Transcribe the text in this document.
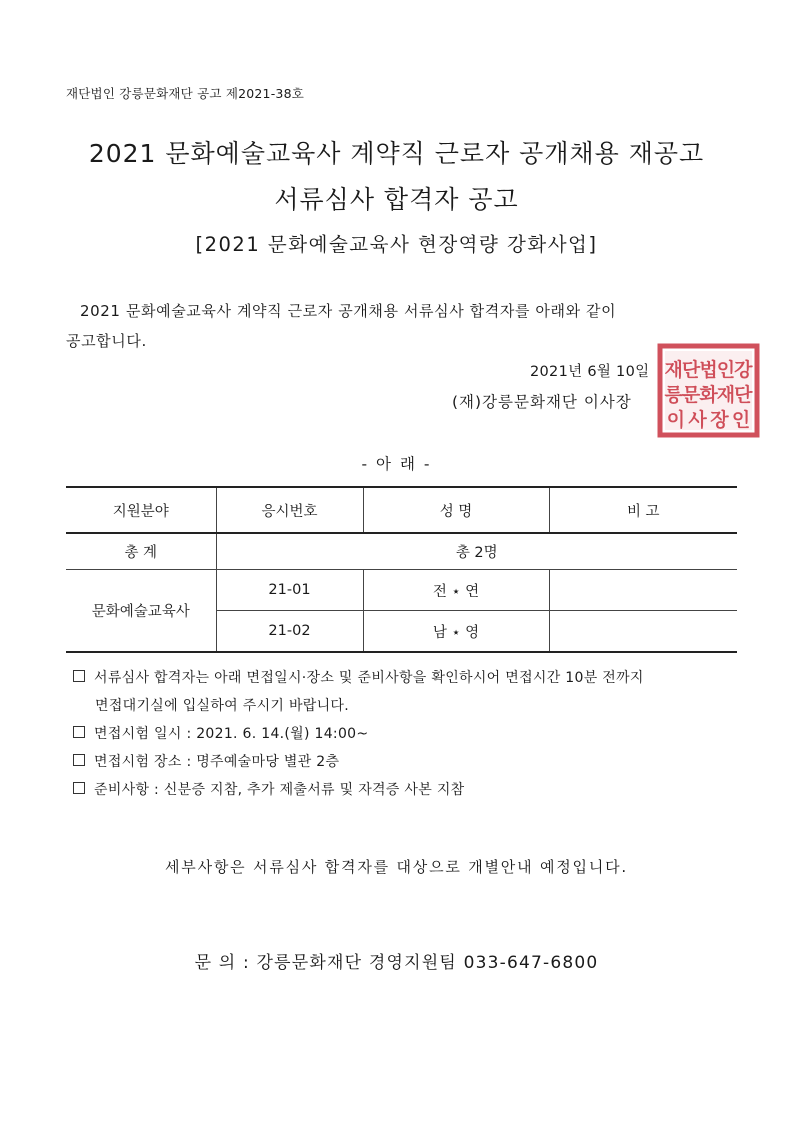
재단법인 강릉문화재단 공고 제2021-38호
2021 문화예술교육사 계약직 근로자 공개채용 재공고
서류심사 합격자 공고
[2021 문화예술교육사 현장역량 강화사업]
2021 문화예술교육사 계약직 근로자 공개채용 서류심사 합격자를 아래와 같이
공고합니다.
2021년 6월 10일
(재)강릉문화재단 이사장
재 단 법 인 강
릉 문 화 재 단
이 사 장 인
- 아 래 -
지원분야	응시번호	성 명	비 고
총 계	총 2명		
문화예술교육사	21-01	전 ⋆ 연	
	21-02	남 ⋆ 영	
서류심사 합격자는 아래 면접일시·장소 및 준비사항을 확인하시어 면접시간 10분 전까지
면접대기실에 입실하여 주시기 바랍니다.
면접시험 일시 : 2021. 6. 14.(월) 14:00~
면접시험 장소 : 명주예술마당 별관 2층
준비사항 : 신분증 지참, 추가 제출서류 및 자격증 사본 지참
세부사항은 서류심사 합격자를 대상으로 개별안내 예정입니다.
문 의 : 강릉문화재단 경영지원팀 033-647-6800
